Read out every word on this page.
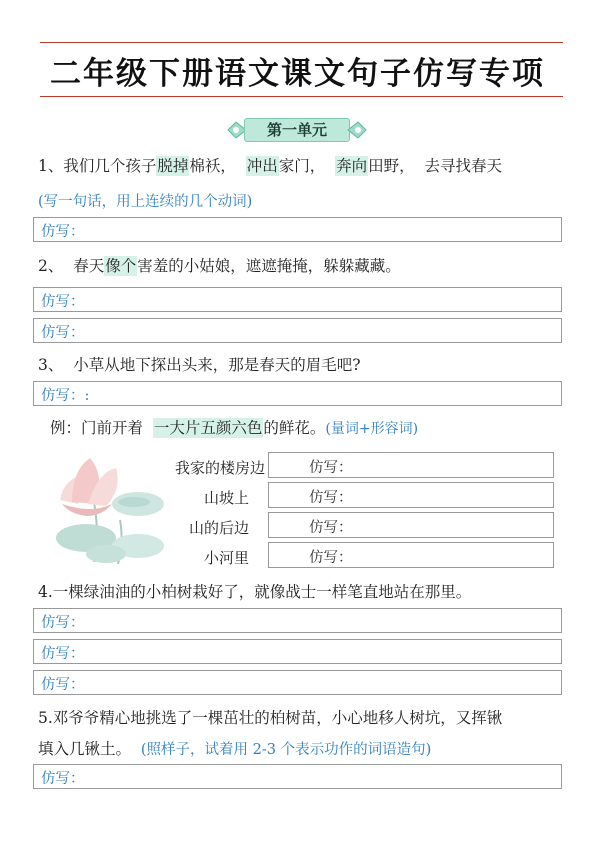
二年级下册语文课文句子仿写专项
第一单元
1、我们几个孩子脱掉棉袄， 冲出家门， 奔向田野， 去寻找春天
(写一句话，用上连续的几个动词)
仿写：
2、 春天像个害羞的小姑娘，遮遮掩掩，躲躲藏藏。
仿写：
仿写：
3、 小草从地下探出头来，那是春天的眉毛吧?
仿写：:
例：门前开着 一大片五颜六色的鲜花。(量词+形容词)
我家的楼房边	仿写：
山坡上	仿写：
山的后边	仿写：
小河里	仿写：
4.一棵绿油油的小柏树栽好了，就像战士一样笔直地站在那里。
仿写：
仿写：
仿写：
5.邓爷爷精心地挑选了一棵茁壮的柏树苗，小心地移人树坑，又挥锹
填入几锹土。 (照样子，试着用 2-3 个表示功作的词语造句)
仿写：
